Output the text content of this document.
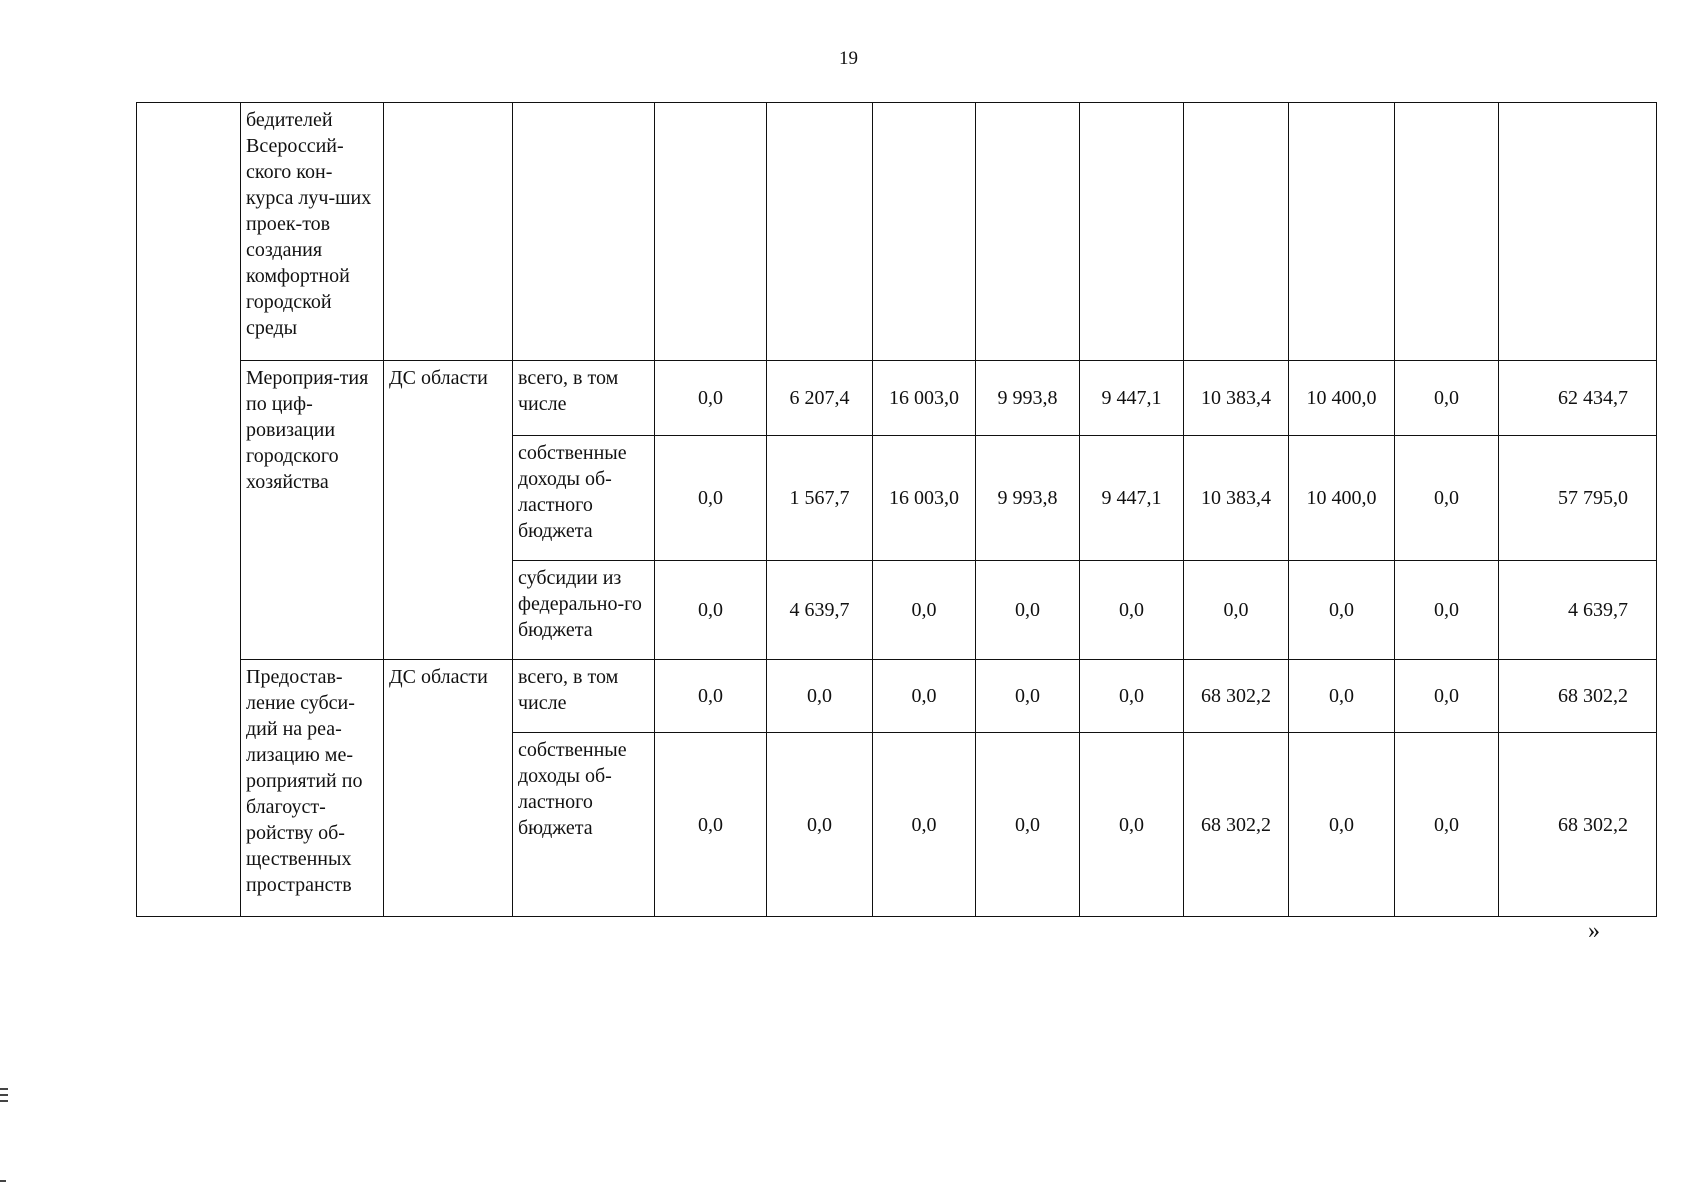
19
	бедителей Всероссий-ского кон-курса луч-ших проек-тов создания комфортной городской среды											
	Мероприя-тия по циф-ровизации городского хозяйства	ДС области	всего, в том числе	0,0	6 207,4	16 003,0	9 993,8	9 447,1	10 383,4	10 400,0	0,0	62 434,7
			собственные доходы об-ластного бюджета	0,0	1 567,7	16 003,0	9 993,8	9 447,1	10 383,4	10 400,0	0,0	57 795,0
			субсидии из федерально-го бюджета	0,0	4 639,7	0,0	0,0	0,0	0,0	0,0	0,0	4 639,7
	Предостав-ление субси-дий на реа-лизацию ме-роприятий по благоуст-ройству об-щественных пространств	ДС области	всего, в том числе	0,0	0,0	0,0	0,0	0,0	68 302,2	0,0	0,0	68 302,2
			собственные доходы об-ластного бюджета	0,0	0,0	0,0	0,0	0,0	68 302,2	0,0	0,0	68 302,2
»
